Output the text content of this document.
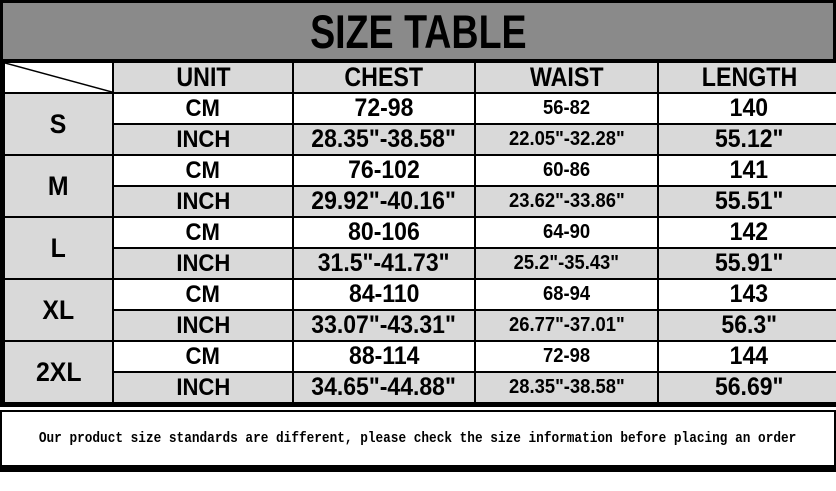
SIZE TABLE
	UNIT	CHEST	WAIST	LENGTH
S	CM	72-98	56-82	140
	INCH	28.35"-38.58"	22.05"-32.28"	55.12"
M	CM	76-102	60-86	141
	INCH	29.92"-40.16"	23.62"-33.86"	55.51"
L	CM	80-106	64-90	142
	INCH	31.5"-41.73"	25.2"-35.43"	55.91"
XL	CM	84-110	68-94	143
	INCH	33.07"-43.31"	26.77"-37.01"	56.3"
2XL	CM	88-114	72-98	144
	INCH	34.65"-44.88"	28.35"-38.58"	56.69"
Our product size standards are different, please check the size information before placing an order
